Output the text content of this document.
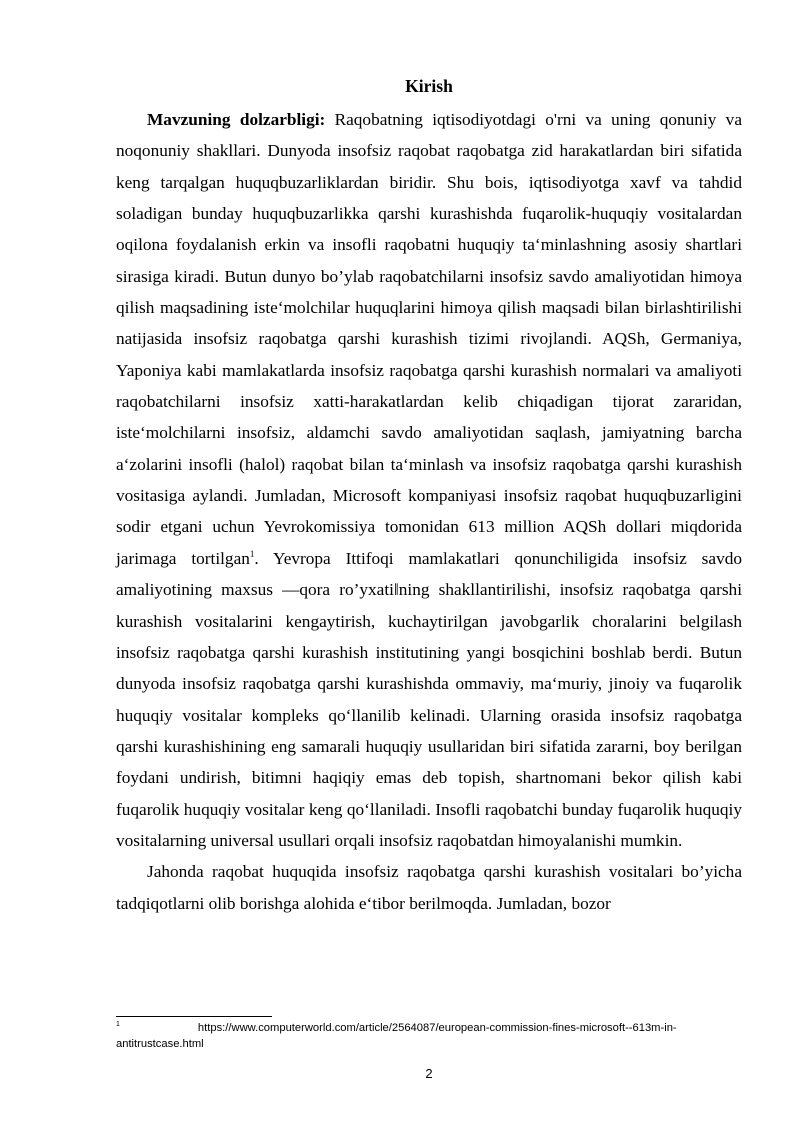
Kirish

Mavzuning dolzarbligi: Raqobatning iqtisodiyotdagi o'rni va uning qonuniy va noqonuniy shakllari. Dunyoda insofsiz raqobat raqobatga zid harakatlardan biri sifatida keng tarqalgan huquqbuzarliklardan biridir. Shu bois, iqtisodiyotga xavf va tahdid soladigan bunday huquqbuzarlikka qarshi kurashishda fuqarolik-huquqiy vositalardan oqilona foydalanish erkin va insofli raqobatni huquqiy ta‘minlashning asosiy shartlari sirasiga kiradi. Butun dunyo bo’ylab raqobatchilarni insofsiz savdo amaliyotidan himoya qilish maqsadining iste‘molchilar huquqlarini himoya qilish maqsadi bilan birlashtirilishi natijasida insofsiz raqobatga qarshi kurashish tizimi rivojlandi. AQSh, Germaniya, Yaponiya kabi mamlakatlarda insofsiz raqobatga qarshi kurashish normalari va amaliyoti raqobatchilarni insofsiz xatti-harakatlardan kelib chiqadigan tijorat zararidan, iste‘molchilarni insofsiz, aldamchi savdo amaliyotidan saqlash, jamiyatning barcha a‘zolarini insofli (halol) raqobat bilan ta‘minlash va insofsiz raqobatga qarshi kurashish vositasiga aylandi. Jumladan, Microsoft kompaniyasi insofsiz raqobat huquqbuzarligini sodir etgani uchun Yevrokomissiya tomonidan 613 million AQSh dollari miqdorida jarimaga tortilgan$^1$. Yevropa Ittifoqi mamlakatlari qonunchiligida insofsiz savdo amaliyotining maxsus ―qora ro’yxati‖ning shakllantirilishi, insofsiz raqobatga qarshi kurashish vositalarini kengaytirish, kuchaytirilgan javobgarlik choralarini belgilash insofsiz raqobatga qarshi kurashish institutining yangi bosqichini boshlab berdi. Butun dunyoda insofsiz raqobatga qarshi kurashishda ommaviy, ma‘muriy, jinoiy va fuqarolik huquqiy vositalar kompleks qo‘llanilib kelinadi. Ularning orasida insofsiz raqobatga qarshi kurashishining eng samarali huquqiy usullaridan biri sifatida zararni, boy berilgan foydani undirish, bitimni haqiqiy emas deb topish, shartnomani bekor qilish kabi fuqarolik huquqiy vositalar keng qo‘llaniladi. Insofli raqobatchi bunday fuqarolik huquqiy vositalarning universal usullari orqali insofsiz raqobatdan himoyalanishi mumkin.

Jahonda raqobat huquqida insofsiz raqobatga qarshi kurashish vositalari bo’yicha tadqiqotlarni olib borishga alohida e‘tibor berilmoqda. Jumladan, bozor

$^1$	https://www.computerworld.com/article/2564087/european-commission-fines-microsoft--613m-in-antitrustcase.html
2
